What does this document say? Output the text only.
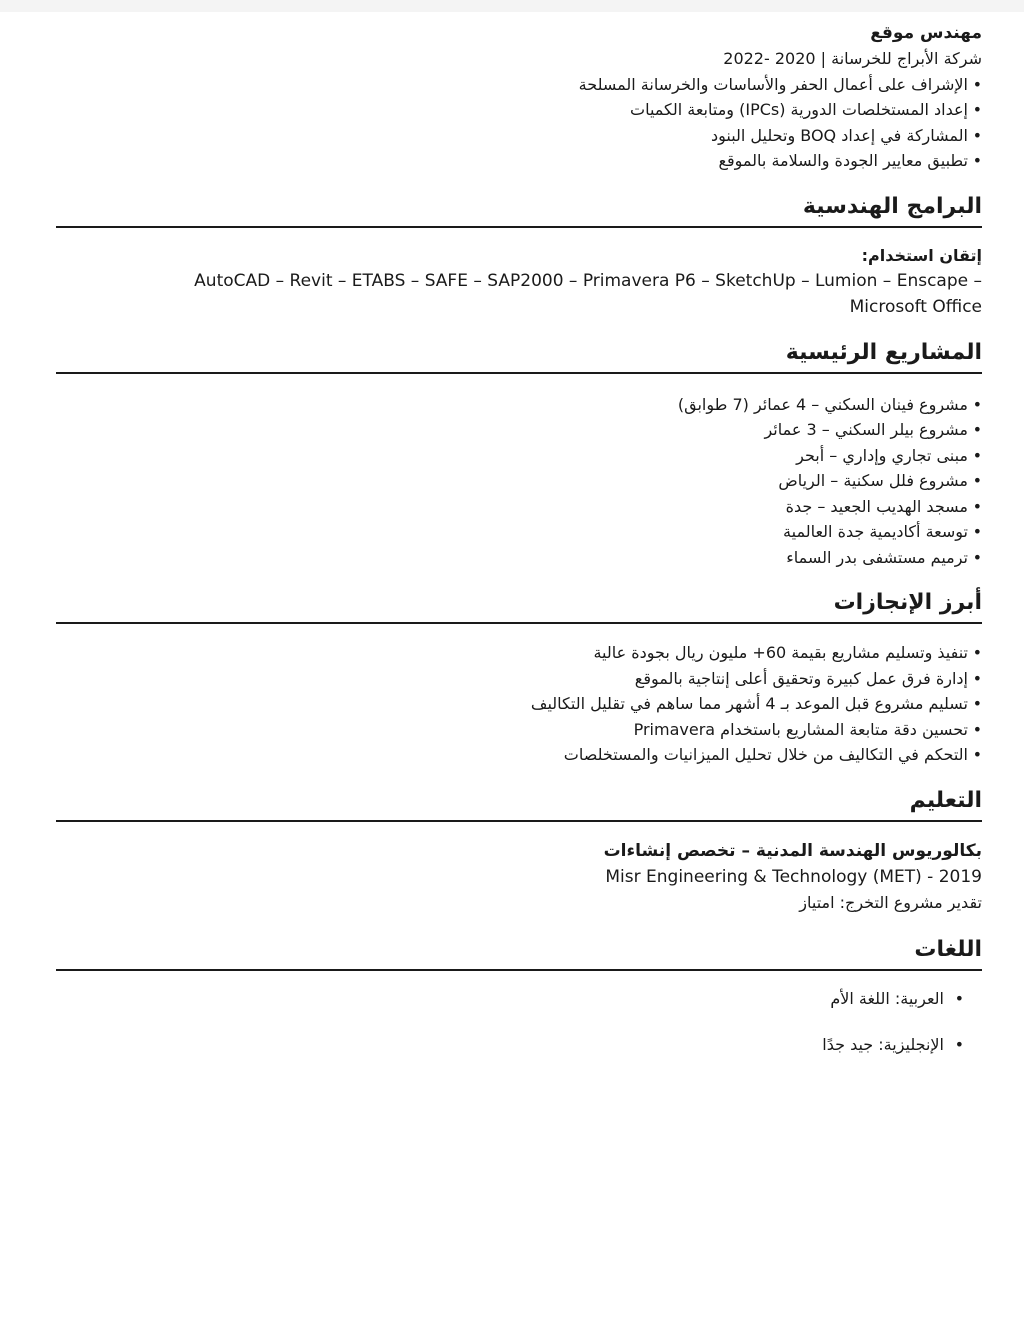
مهندس موقع

شركة الأبراج للخرسانة | 2020 -2022

•الإشراف على أعمال الحفر والأساسات والخرسانة المسلحة
•إعداد المستخلصات الدورية (IPCs) ومتابعة الكميات
•المشاركة في إعداد BOQ وتحليل البنود
•تطبيق معايير الجودة والسلامة بالموقع
البرامج الهندسية

إتقان استخدام:

– AutoCAD – Revit – ETABS – SAFE – SAP2000 – Primavera P6 – SketchUp – Lumion – Enscape

Microsoft Office

المشاريع الرئيسية
•مشروع فينان السكني – 4 عمائر (7 طوابق)
•مشروع بيلر السكني – 3 عمائر
•مبنى تجاري وإداري – أبحر
•مشروع فلل سكنية – الرياض
•مسجد الهديب الجعيد – جدة
•توسعة أكاديمية جدة العالمية
•ترميم مستشفى بدر السماء
أبرز الإنجازات
•تنفيذ وتسليم مشاريع بقيمة 60+ مليون ريال بجودة عالية
•إدارة فرق عمل كبيرة وتحقيق أعلى إنتاجية بالموقع
•تسليم مشروع قبل الموعد بـ 4 أشهر مما ساهم في تقليل التكاليف
•تحسين دقة متابعة المشاريع باستخدام Primavera
•التحكم في التكاليف من خلال تحليل الميزانيات والمستخلصات
التعليم

بكالوريوس الهندسة المدنية – تخصص إنشاءات

Misr Engineering & Technology (MET) - 2019

تقدير مشروع التخرج: امتياز

اللغات
•العربية: اللغة الأم
•الإنجليزية: جيد جدًا
